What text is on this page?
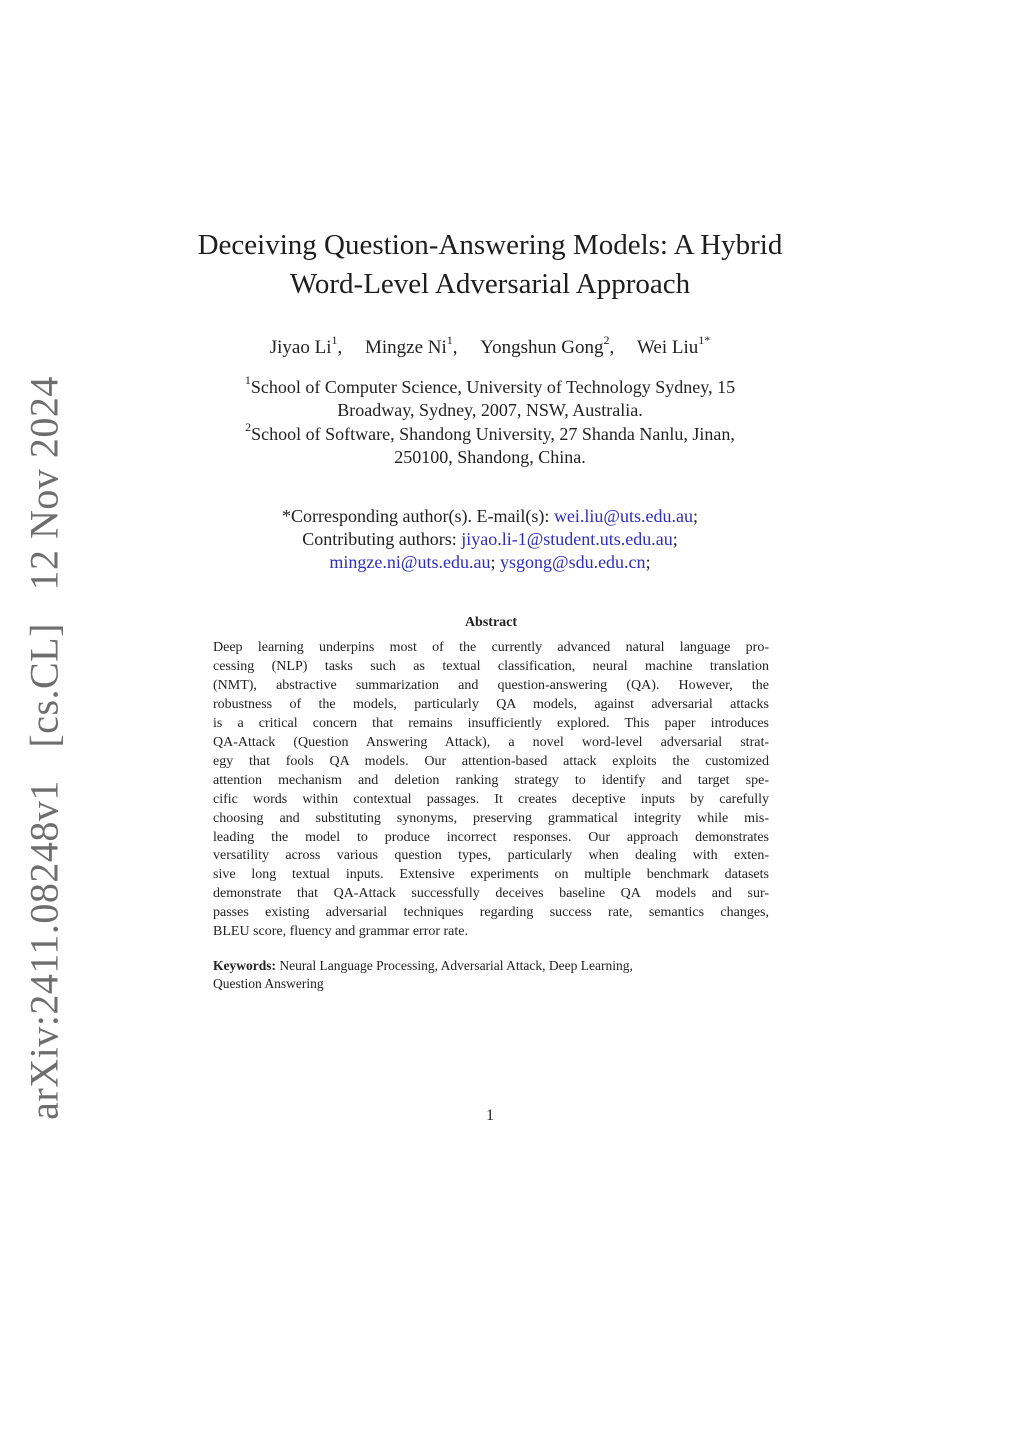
arXiv:2411.08248v1 [cs.CL] 12 Nov 2024
Deceiving Question-Answering Models: A Hybrid
Word-Level Adversarial Approach
Jiyao Li$^1$, Mingze Ni$^1$, Yongshun Gong$^2$, Wei Liu$^{1*}$
$^1$School of Computer Science, University of Technology Sydney, 15
Broadway, Sydney, 2007, NSW, Australia.
$^2$School of Software, Shandong University, 27 Shanda Nanlu, Jinan,
250100, Shandong, China.
*Corresponding author(s). E-mail(s): wei.liu@uts.edu.au;
Contributing authors: jiyao.li-1@student.uts.edu.au;
mingze.ni@uts.edu.au; ysgong@sdu.edu.cn;
Abstract
Deep learning underpins most of the currently advanced natural language pro-
cessing (NLP) tasks such as textual classification, neural machine translation
(NMT), abstractive summarization and question-answering (QA). However, the
robustness of the models, particularly QA models, against adversarial attacks
is a critical concern that remains insufficiently explored. This paper introduces
QA-Attack (Question Answering Attack), a novel word-level adversarial strat-
egy that fools QA models. Our attention-based attack exploits the customized
attention mechanism and deletion ranking strategy to identify and target spe-
cific words within contextual passages. It creates deceptive inputs by carefully
choosing and substituting synonyms, preserving grammatical integrity while mis-
leading the model to produce incorrect responses. Our approach demonstrates
versatility across various question types, particularly when dealing with exten-
sive long textual inputs. Extensive experiments on multiple benchmark datasets
demonstrate that QA-Attack successfully deceives baseline QA models and sur-
passes existing adversarial techniques regarding success rate, semantics changes,
BLEU score, fluency and grammar error rate.
Keywords: Neural Language Processing, Adversarial Attack, Deep Learning,
Question Answering
1
